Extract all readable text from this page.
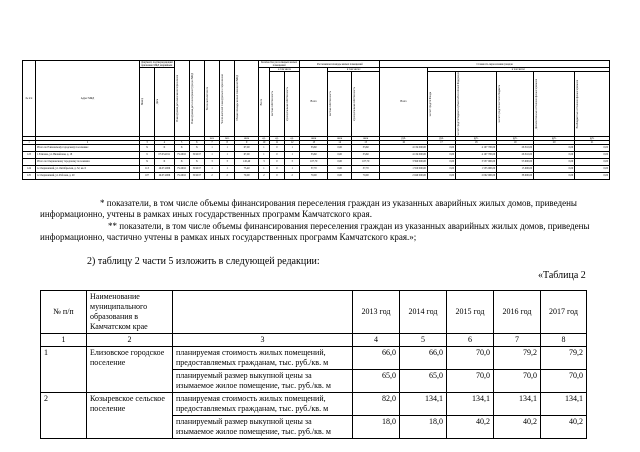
№ п/п	Адрес МКД	Документ, подтверждающий признание МКД аварийным		Планируемая дата окончания переселения	Планируемая дата сноса/реконструкции МКД	Число жителей всего	Число жителей планируемых к переселению	Общая площадь жилых помещений МКД	Количество расселяемых жилых помещений			Расселяемая площадь жилых помещений			Стоимость переселения граждан					

		Номер	Дата						Всего	в том числе		Всего	в том числе:		Всего	в том числе:				

										частная собственность	муниципальная собственность		частная собственность	муниципальная собственность		за счет средств Фонда	за счет средств бюджета субъекта Российской Федерации	за счет средств местного бюджета	Дополнительные источники финансирования	Внебюджетные источники финансирования

						чел.	чел.	кв.м	ед.	ед.	ед.	кв.м	кв.м	кв.м	руб.	руб.	руб.	руб.	руб.	руб.
1	2	3	4	5	6	7	8	9	10	11	12	13	14	15	16	17	18	19	20	21
	Итого по Елизовскому городскому поселению:	X	X	X	X	1	1	67,00	1	0	1	33,60	0,00	33,60	4 134 000,00	0,00	4 107 700,00	26 310,00	0,00	0,00
123	г. Елизово, ул. Вилюйская, д. 18	9	07.03.2011	IV.2016	IV.2017	1	1	67,00	1	0	1	33,60	0,00	33,60	4 134 000,00	0,00	4 107 700,00	26 310,00	0,00	0,00
	Итого по Озерновскому городскому поселению:	X	X	X	X	3	3	145,40	3	0	3	107,70	0,00	107,70	3 590 000,00	0,00	3 537 000,00	53 000,00	0,00	0,00
124	п. Озерновский, ул. Октябрьская, д. 32, кв. 6	113	16.07.2006	IV.2016	IV.2017	1	1	75,40	1	0	1	37,70	0,00	37,70	1 550 000,00	0,00	1 535 000,00	15 000,00	0,00	0,00
125	п. Озерновский, ул. Рабочая, д. 20	107	16.07.2006	IV.2016	IV.2017	2	2	70,00	2	0	2	70,00	0,00	70,00	2 040 000,00	0,00	2 002 000,00	38 000,00	0,00	0,00
* показатели, в том числе объемы финансирования переселения граждан из указанных аварийных жилых домов, приведены информационно, учтены в рамках иных государственных программ Камчатского края.
** показатели, в том числе объемы финансирования переселения граждан из указанных аварийных жилых домов, приведены информационно, частично учтены в рамках иных государственных программ Камчатского края.»;
2) таблицу 2 части 5 изложить в следующей редакции:
«Таблица 2
№ п/п	Наименование муниципального образования в Камчатском крае		2013 год	2014 год	2015 год	2016 год	2017 год
1	2	3	4	5	6	7	8
1	Елизовское городское поселение	планируемая стоимость жилых помещений, предоставляемых гражданам, тыс. руб./кв. м	66,0	66,0	70,0	79,2	79,2
		планируемый размер выкупной цены за изымаемое жилое помещение, тыс. руб./кв. м	65,0	65,0	70,0	70,0	70,0
2	Козыревское сельское поселение	планируемая стоимость жилых помещений, предоставляемых гражданам, тыс. руб./кв. м	82,0	134,1	134,1	134,1	134,1
		планируемый размер выкупной цены за изымаемое жилое помещение, тыс. руб./кв. м	18,0	18,0	40,2	40,2	40,2
